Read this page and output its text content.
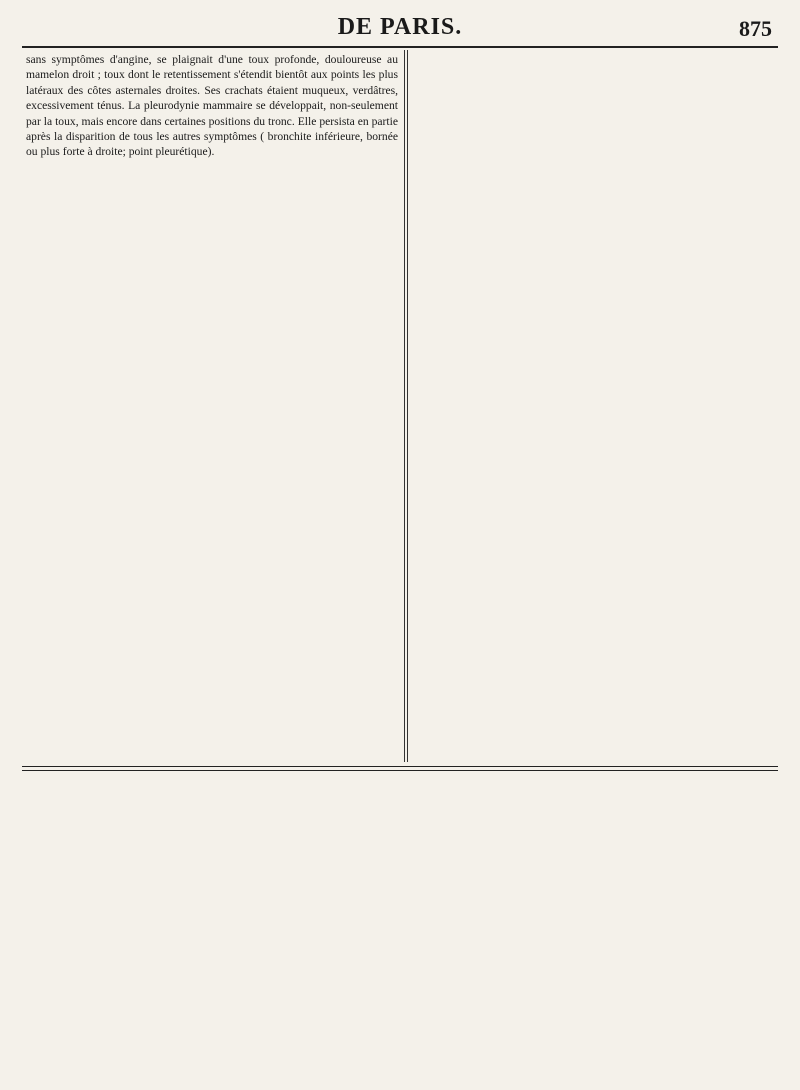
DE PARIS.	875

sans symptômes d'angine, se plaignait d'une toux profonde, douloureuse au mamelon droit ; toux dont le retentissement s'étendit bientôt aux points les plus latéraux des côtes asternales droites. Ses crachats étaient muqueux, verdâtres, excessivement ténus. La pleurodynie mammaire se développait, non-seulement par la toux, mais encore dans certaines positions du tronc. Elle persista en partie après la disparition de tous les autres symptômes ( bronchite inférieure, bornée ou plus forte à droite; point pleurétique).
